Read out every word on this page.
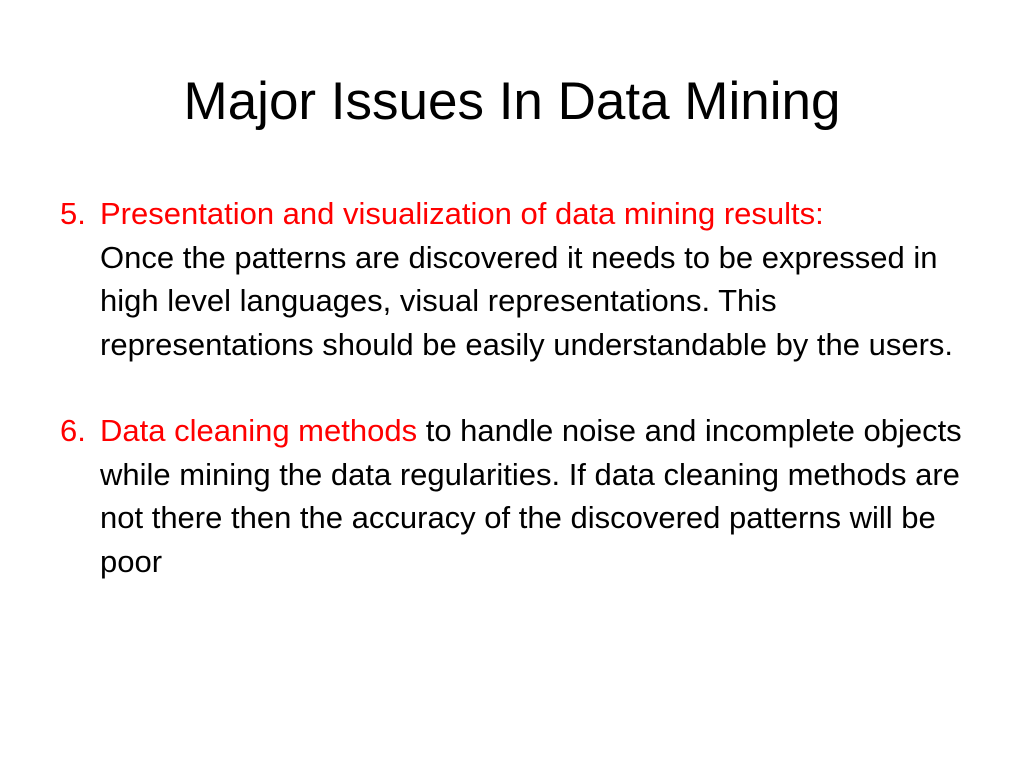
Major Issues In Data Mining
5. Presentation and visualization of data mining results:
Once the patterns are discovered it needs to be expressed in high level languages, visual representations. This representations should be easily understandable by the users.
6. Data cleaning methods to handle noise and incomplete objects while mining the data regularities. If data cleaning methods are not there then the accuracy of the discovered patterns will be poor
